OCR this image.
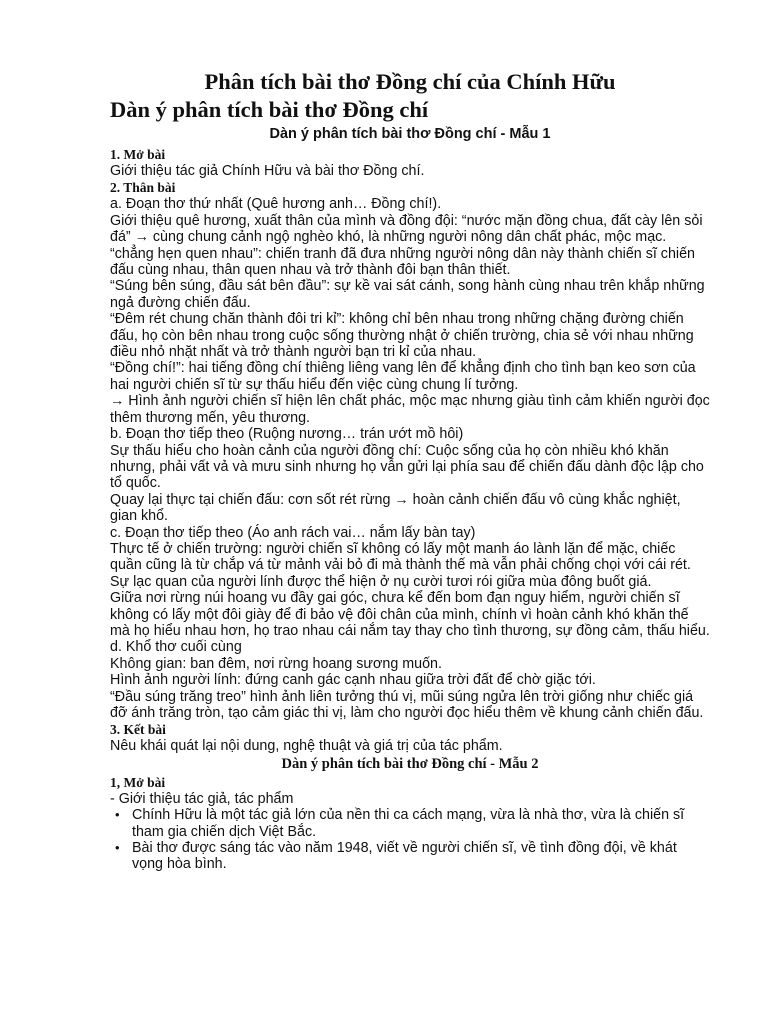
Phân tích bài thơ Đồng chí của Chính Hữu
Dàn ý phân tích bài thơ Đồng chí
Dàn ý phân tích bài thơ Đồng chí - Mẫu 1
1. Mở bài

Giới thiệu tác giả Chính Hữu và bài thơ Đồng chí.

2. Thân bài

a. Đoạn thơ thứ nhất (Quê hương anh… Đồng chí!).

Giới thiệu quê hương, xuất thân của mình và đồng đội: “nước mặn đồng chua, đất cày lên sỏi đá” → cùng chung cảnh ngộ nghèo khó, là những người nông dân chất phác, mộc mạc.

“chẳng hẹn quen nhau”: chiến tranh đã đưa những người nông dân này thành chiến sĩ chiến đấu cùng nhau, thân quen nhau và trở thành đôi bạn thân thiết.

“Súng bên súng, đầu sát bên đầu”: sự kề vai sát cánh, song hành cùng nhau trên khắp những ngả đường chiến đấu.

“Đêm rét chung chăn thành đôi tri kỉ”: không chỉ bên nhau trong những chặng đường chiến đấu, họ còn bên nhau trong cuộc sống thường nhật ở chiến trường, chia sẻ với nhau những điều nhỏ nhặt nhất và trở thành người bạn tri kỉ của nhau.

“Đồng chí!”: hai tiếng đồng chí thiêng liêng vang lên để khẳng định cho tình bạn keo sơn của hai người chiến sĩ từ sự thấu hiểu đến việc cùng chung lí tưởng.

→ Hình ảnh người chiến sĩ hiện lên chất phác, mộc mạc nhưng giàu tình cảm khiến người đọc thêm thương mến, yêu thương.

b. Đoạn thơ tiếp theo (Ruộng nương… trán ướt mồ hôi)

Sự thấu hiểu cho hoàn cảnh của người đồng chí: Cuộc sống của họ còn nhiều khó khăn nhưng, phải vất vả và mưu sinh nhưng họ vẫn gửi lại phía sau để chiến đấu dành độc lập cho tổ quốc.

Quay lại thực tại chiến đấu: cơn sốt rét rừng → hoàn cảnh chiến đấu vô cùng khắc nghiệt, gian khổ.

c. Đoạn thơ tiếp theo (Áo anh rách vai… nắm lấy bàn tay)

Thực tế ở chiến trường: người chiến sĩ không có lấy một manh áo lành lặn để mặc, chiếc quần cũng là từ chắp vá từ mảnh vải bỏ đi mà thành thế mà vẫn phải chống chọi với cái rét. Sự lạc quan của người lính được thể hiện ở nụ cười tươi rói giữa mùa đông buốt giá.

Giữa nơi rừng núi hoang vu đầy gai góc, chưa kể đến bom đạn nguy hiểm, người chiến sĩ không có lấy một đôi giày để đi bảo vệ đôi chân của mình, chính vì hoàn cảnh khó khăn thế mà họ hiểu nhau hơn, họ trao nhau cái nắm tay thay cho tình thương, sự đồng cảm, thấu hiểu.

d. Khổ thơ cuối cùng

Không gian: ban đêm, nơi rừng hoang sương muốn.

Hình ảnh người lính: đứng canh gác cạnh nhau giữa trời đất để chờ giặc tới.

“Đầu súng trăng treo” hình ảnh liên tưởng thú vị, mũi súng ngửa lên trời giống như chiếc giá đỡ ánh trăng tròn, tạo cảm giác thi vị, làm cho người đọc hiểu thêm về khung cảnh chiến đấu.

3. Kết bài

Nêu khái quát lại nội dung, nghệ thuật và giá trị của tác phẩm.

Dàn ý phân tích bài thơ Đồng chí - Mẫu 2
1, Mở bài

- Giới thiệu tác giả, tác phẩm

• Chính Hữu là một tác giả lớn của nền thi ca cách mạng, vừa là nhà thơ, vừa là chiến sĩ tham gia chiến dịch Việt Bắc.
• Bài thơ được sáng tác vào năm 1948, viết về người chiến sĩ, về tình đồng đội, về khát vọng hòa bình.
